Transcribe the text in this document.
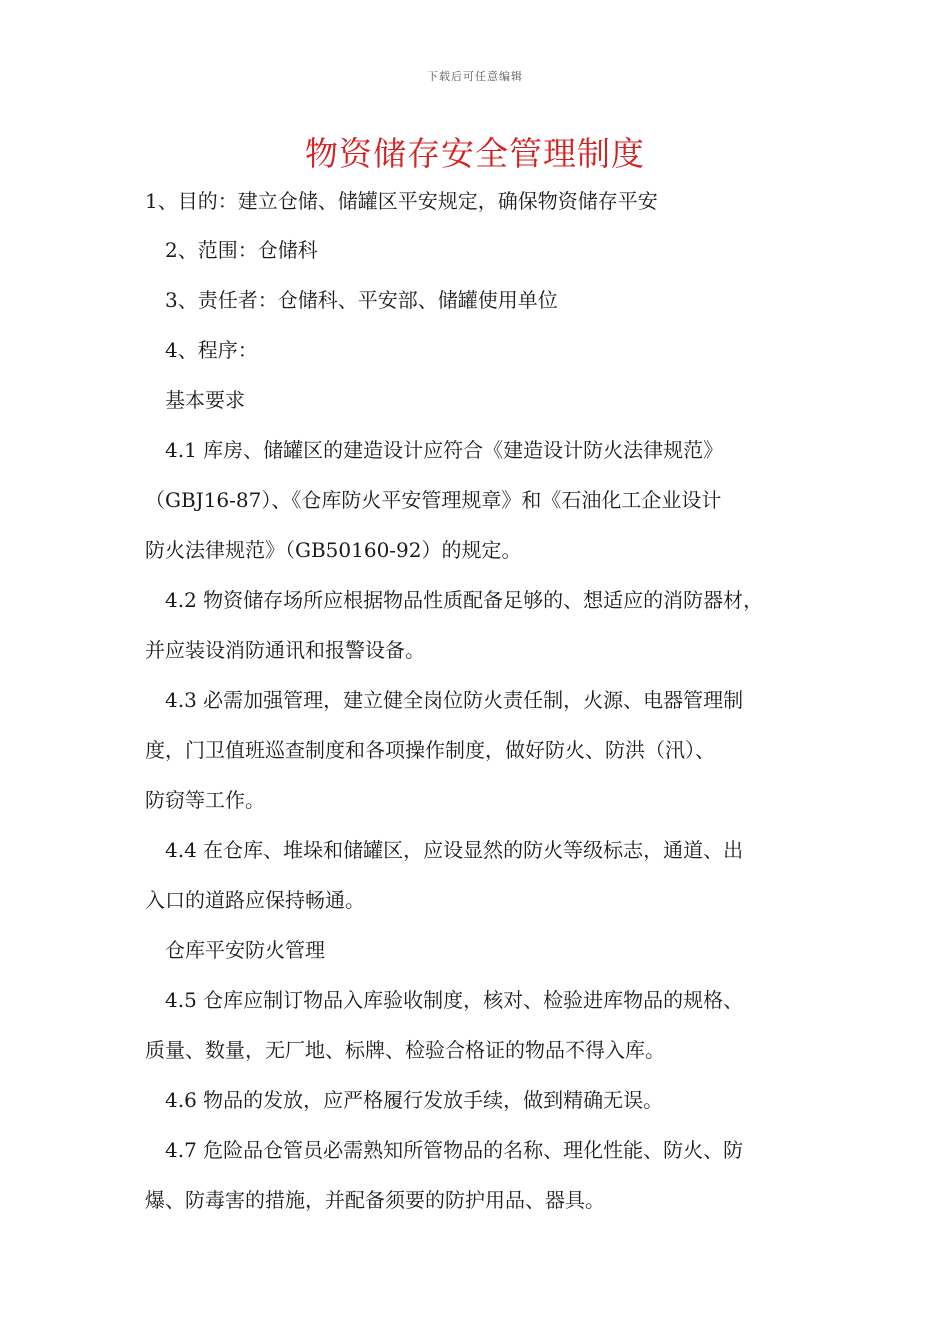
下载后可任意编辑
物资储存安全管理制度
1、目的：建立仓储、储罐区平安规定，确保物资储存平安
2、范围：仓储科
3、责任者：仓储科、平安部、储罐使用单位
4、程序：
基本要求
4.1 库房、储罐区的建造设计应符合《建造设计防火法律规范》
（GBJ16-87）、《仓库防火平安管理规章》和《石油化工企业设计
防火法律规范》（GB50160-92）的规定。
4.2 物资储存场所应根据物品性质配备足够的、想适应的消防器材，
并应装设消防通讯和报警设备。
4.3 必需加强管理，建立健全岗位防火责任制，火源、电器管理制
度，门卫值班巡查制度和各项操作制度，做好防火、防洪（汛）、
防窃等工作。
4.4 在仓库、堆垛和储罐区，应设显然的防火等级标志，通道、出
入口的道路应保持畅通。
仓库平安防火管理
4.5 仓库应制订物品入库验收制度，核对、检验进库物品的规格、
质量、数量，无厂地、标牌、检验合格证的物品不得入库。
4.6 物品的发放，应严格履行发放手续，做到精确无误。
4.7 危险品仓管员必需熟知所管物品的名称、理化性能、防火、防
爆、防毒害的措施，并配备须要的防护用品、器具。
